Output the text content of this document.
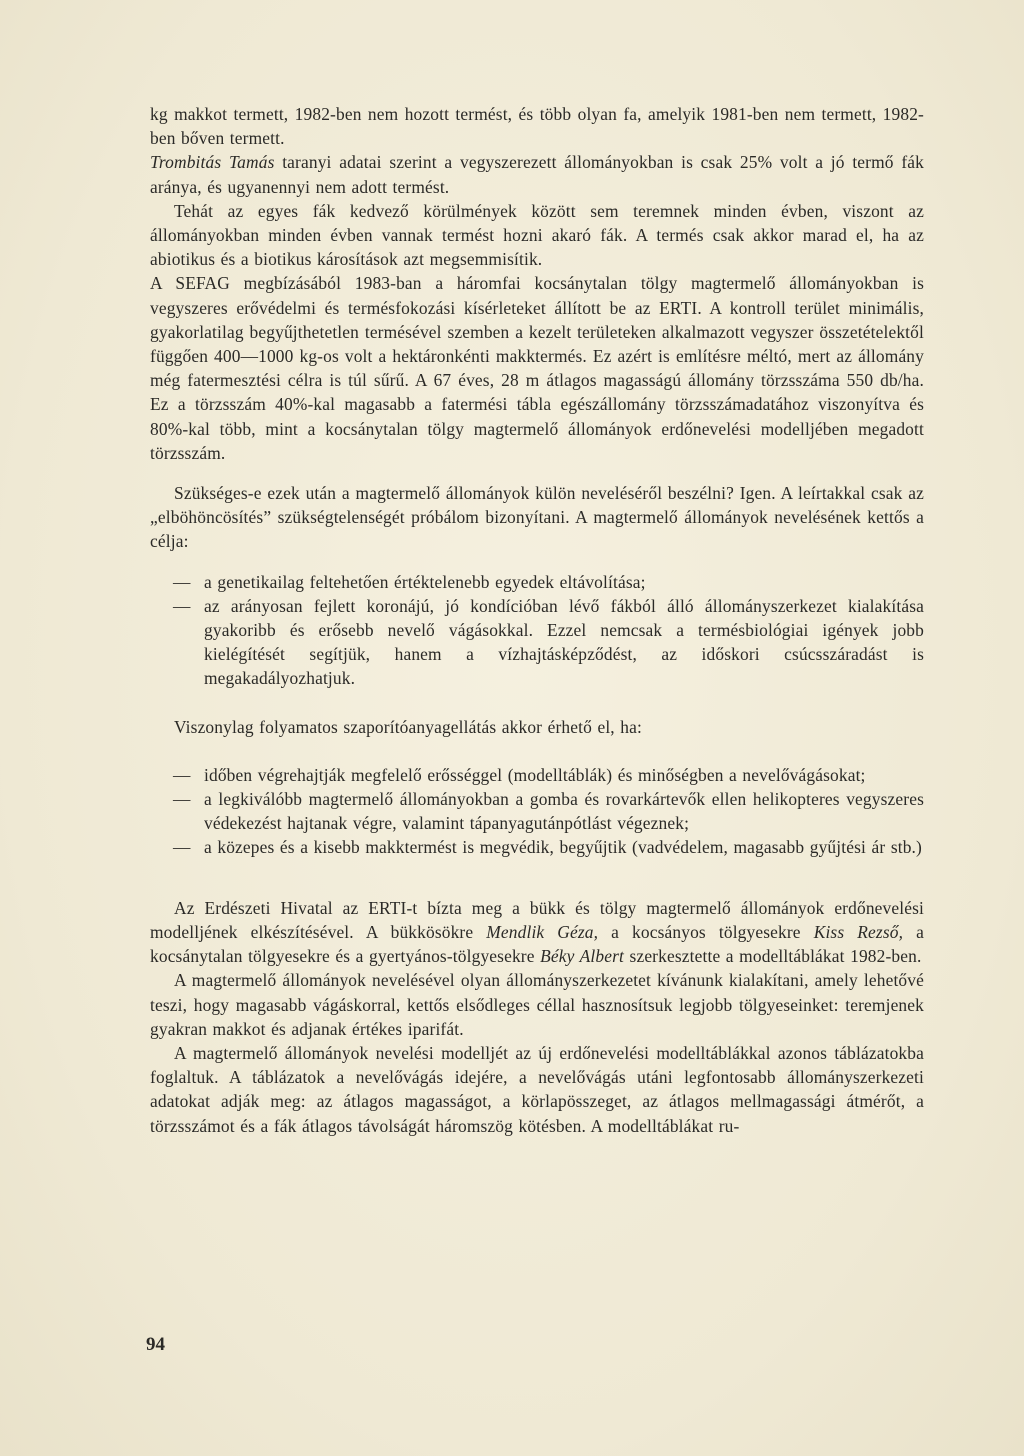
kg makkot termett, 1982-ben nem hozott termést, és több olyan fa, amelyik 1981-ben nem termett, 1982-ben bőven termett.

Trombitás Tamás taranyi adatai szerint a vegyszerezett állományokban is csak 25% volt a jó termő fák aránya, és ugyanennyi nem adott termést.

Tehát az egyes fák kedvező körülmények között sem teremnek minden évben, viszont az állományokban minden évben vannak termést hozni akaró fák. A termés csak akkor marad el, ha az abiotikus és a biotikus károsítások azt megsemmisítik.

A SEFAG megbízásából 1983-ban a háromfai kocsánytalan tölgy magtermelő állományokban is vegyszeres erővédelmi és termésfokozási kísérleteket állított be az ERTI. A kontroll terület minimális, gyakorlatilag begyűjthetetlen termésével szemben a kezelt területeken alkalmazott vegyszer összetételektől függően 400—1000 kg-os volt a hektáronkénti makktermés. Ez azért is említésre méltó, mert az állomány még fatermesztési célra is túl sűrű. A 67 éves, 28 m átlagos magasságú állomány törzsszáma 550 db/ha. Ez a törzsszám 40%-kal magasabb a fatermési tábla egészállomány törzsszámadatához viszonyítva és 80%-kal több, mint a kocsánytalan tölgy magtermelő állományok erdőnevelési modelljében megadott törzsszám.

Szükséges-e ezek után a magtermelő állományok külön neveléséről beszélni? Igen. A leírtakkal csak az „elböhöncösítés” szükségtelenségét próbálom bizonyítani. A magtermelő állományok nevelésének kettős a célja:

— a genetikailag feltehetően értéktelenebb egyedek eltávolítása;
— az arányosan fejlett koronájú, jó kondícióban lévő fákból álló állományszerkezet kialakítása gyakoribb és erősebb nevelő vágásokkal. Ezzel nemcsak a termésbiológiai igények jobb kielégítését segítjük, hanem a vízhajtásképződést, az időskori csúcsszáradást is megakadályozhatjuk.

Viszonylag folyamatos szaporítóanyagellátás akkor érhető el, ha:

— időben végrehajtják megfelelő erősséggel (modelltáblák) és minőségben a nevelővágásokat;
— a legkiválóbb magtermelő állományokban a gomba és rovarkártevők ellen helikopteres vegyszeres védekezést hajtanak végre, valamint tápanyagutánpótlást végeznek;
— a közepes és a kisebb makktermést is megvédik, begyűjtik (vadvédelem, magasabb gyűjtési ár stb.)

Az Erdészeti Hivatal az ERTI-t bízta meg a bükk és tölgy magtermelő állományok erdőnevelési modelljének elkészítésével. A bükkösökre Mendlik Géza, a kocsányos tölgyesekre Kiss Rezső, a kocsánytalan tölgyesekre és a gyertyános-tölgyesekre Béky Albert szerkesztette a modelltáblákat 1982-ben.

A magtermelő állományok nevelésével olyan állományszerkezetet kívánunk kialakítani, amely lehetővé teszi, hogy magasabb vágáskorral, kettős elsődleges céllal hasznosítsuk legjobb tölgyeseinket: teremjenek gyakran makkot és adjanak értékes iparifát.

A magtermelő állományok nevelési modelljét az új erdőnevelési modelltáblákkal azonos táblázatokba foglaltuk. A táblázatok a nevelővágás idejére, a nevelővágás utáni legfontosabb állományszerkezeti adatokat adják meg: az átlagos magasságot, a körlapösszeget, az átlagos mellmagassági átmérőt, a törzsszámot és a fák átlagos távolságát háromszög kötésben. A modelltáblákat ru-

94
